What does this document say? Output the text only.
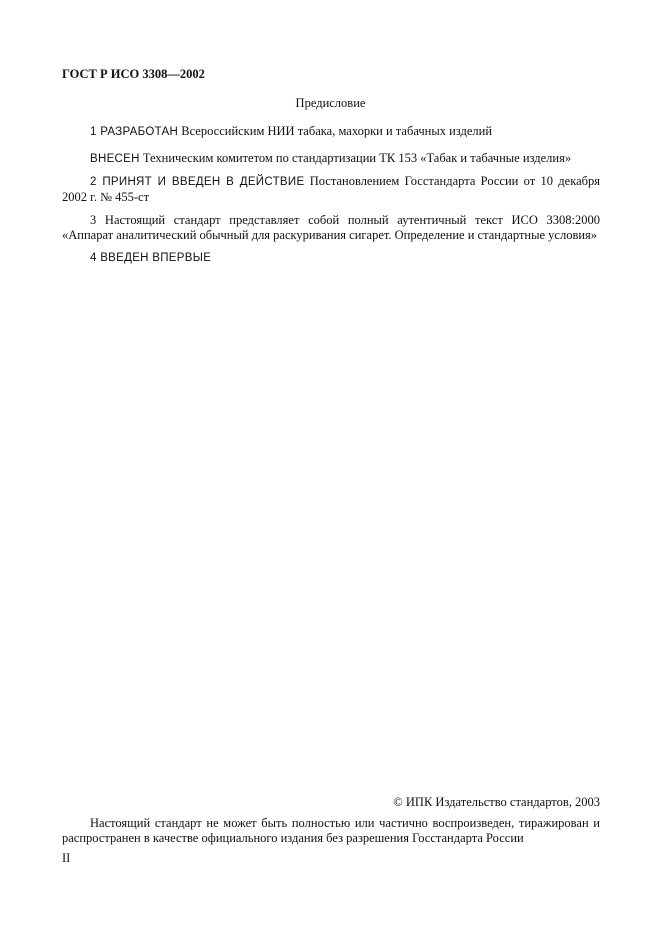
ГОСТ Р ИСО 3308—2002
Предисловие
1 РАЗРАБОТАН Всероссийским НИИ табака, махорки и табачных изделий
ВНЕСЕН Техническим комитетом по стандартизации ТК 153 «Табак и табачные изделия»
2 ПРИНЯТ И ВВЕДЕН В ДЕЙСТВИЕ Постановлением Госстандарта России от 10 декабря 2002 г. № 455-ст
3 Настоящий стандарт представляет собой полный аутентичный текст ИСО 3308:2000 «Аппарат аналитический обычный для раскуривания сигарет. Определение и стандартные условия»
4 ВВЕДЕН ВПЕРВЫЕ
© ИПК Издательство стандартов, 2003
Настоящий стандарт не может быть полностью или частично воспроизведен, тиражирован и распространен в качестве официального издания без разрешения Госстандарта России
II
